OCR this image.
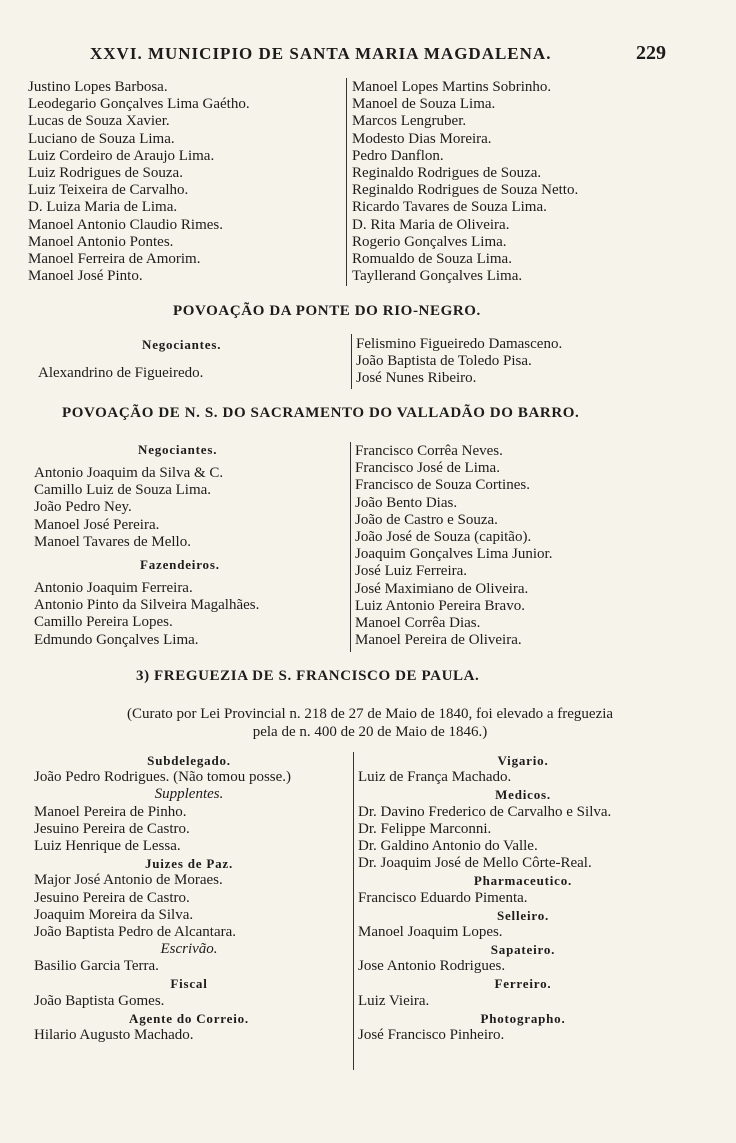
XXVI. MUNICIPIO DE SANTA MARIA MAGDALENA.	229
Justino Lopes Barbosa.
Leodegario Gonçalves Lima Gaétho.
Lucas de Souza Xavier.
Luciano de Souza Lima.
Luiz Cordeiro de Araujo Lima.
Luiz Rodrigues de Souza.
Luiz Teixeira de Carvalho.
D. Luiza Maria de Lima.
Manoel Antonio Claudio Rimes.
Manoel Antonio Pontes.
Manoel Ferreira de Amorim.
Manoel José Pinto.
Manoel Lopes Martins Sobrinho.
Manoel de Souza Lima.
Marcos Lengruber.
Modesto Dias Moreira.
Pedro Danflon.
Reginaldo Rodrigues de Souza.
Reginaldo Rodrigues de Souza Netto.
Ricardo Tavares de Souza Lima.
D. Rita Maria de Oliveira.
Rogerio Gonçalves Lima.
Romualdo de Souza Lima.
Tayllerand Gonçalves Lima.
POVOAÇÃO DA PONTE DO RIO-NEGRO.
Negociantes.
Alexandrino de Figueiredo.
Felismino Figueiredo Damasceno.
João Baptista de Toledo Pisa.
José Nunes Ribeiro.
POVOAÇÃO DE N. S. DO SACRAMENTO DO VALLADÃO DO BARRO.
Negociantes.
Antonio Joaquim da Silva & C.
Camillo Luiz de Souza Lima.
João Pedro Ney.
Manoel José Pereira.
Manoel Tavares de Mello.
Fazendeiros.
Antonio Joaquim Ferreira.
Antonio Pinto da Silveira Magalhães.
Camillo Pereira Lopes.
Edmundo Gonçalves Lima.
Francisco Corrêa Neves.
Francisco José de Lima.
Francisco de Souza Cortines.
João Bento Dias.
João de Castro e Souza.
João José de Souza (capitão).
Joaquim Gonçalves Lima Junior.
José Luiz Ferreira.
José Maximiano de Oliveira.
Luiz Antonio Pereira Bravo.
Manoel Corrêa Dias.
Manoel Pereira de Oliveira.
3) FREGUEZIA DE S. FRANCISCO DE PAULA.
(Curato por Lei Provincial n. 218 de 27 de Maio de 1840, foi elevado a freguezia
pela de n. 400 de 20 de Maio de 1846.)
Subdelegado.
João Pedro Rodrigues. (Não tomou posse.)
Supplentes.
Manoel Pereira de Pinho.
Jesuino Pereira de Castro.
Luiz Henrique de Lessa.
Juizes de Paz.
Major José Antonio de Moraes.
Jesuino Pereira de Castro.
Joaquim Moreira da Silva.
João Baptista Pedro de Alcantara.
Escrivão.
Basilio Garcia Terra.
Fiscal
João Baptista Gomes.
Agente do Correio.
Hilario Augusto Machado.
Vigario.
Luiz de França Machado.
Medicos.
Dr. Davino Frederico de Carvalho e Silva.
Dr. Felippe Marconni.
Dr. Galdino Antonio do Valle.
Dr. Joaquim José de Mello Côrte-Real.
Pharmaceutico.
Francisco Eduardo Pimenta.
Selleiro.
Manoel Joaquim Lopes.
Sapateiro.
Jose Antonio Rodrigues.
Ferreiro.
Luiz Vieira.
Photographo.
José Francisco Pinheiro.
